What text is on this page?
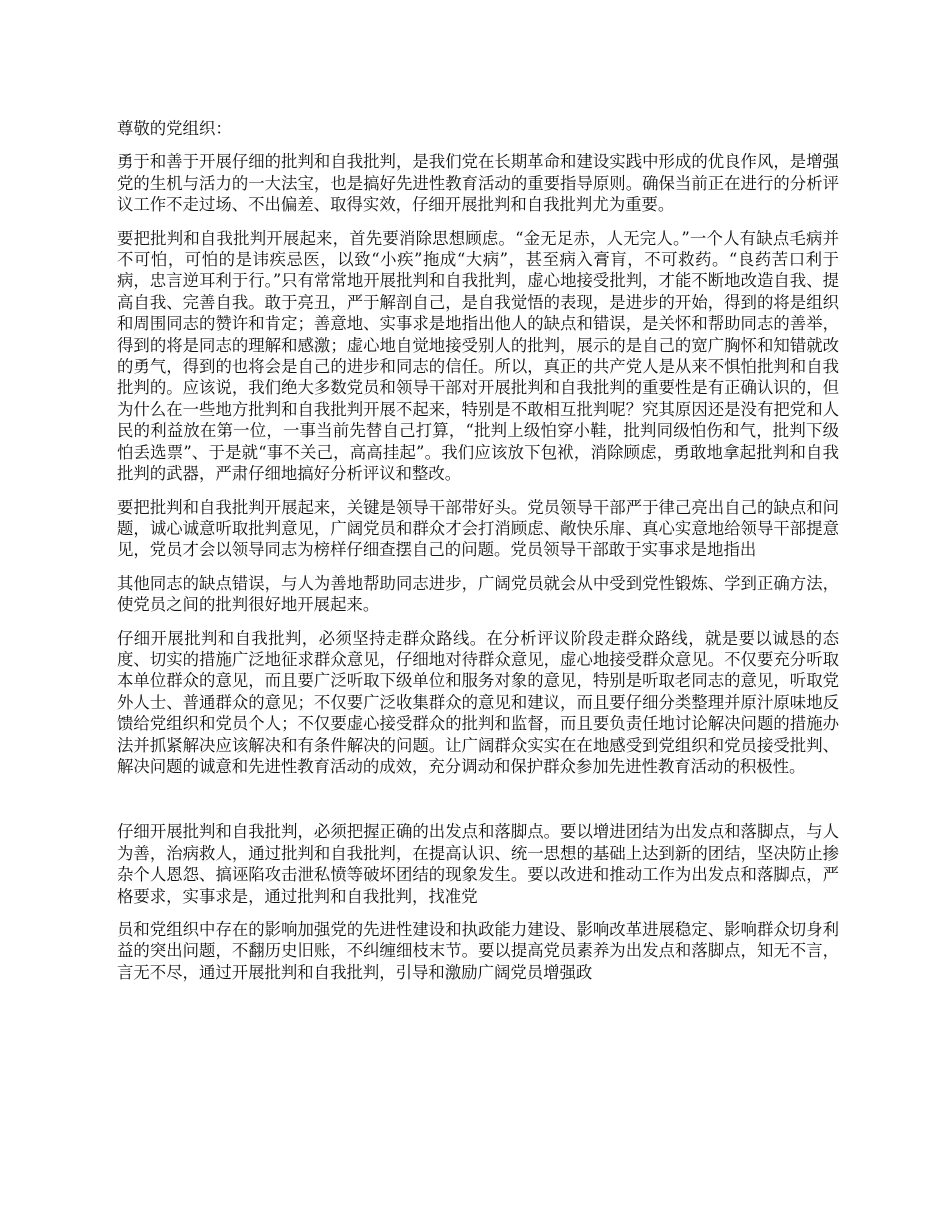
尊敬的党组织：

勇于和善于开展仔细的批判和自我批判，是我们党在长期革命和建设实践中形成的优良作风，是增强党的生机与活力的一大法宝，也是搞好先进性教育活动的重要指导原则。确保当前正在进行的分析评议工作不走过场、不出偏差、取得实效，仔细开展批判和自我批判尤为重要。

要把批判和自我批判开展起来，首先要消除思想顾虑。“金无足赤，人无完人。”一个人有缺点毛病并不可怕，可怕的是讳疾忌医，以致“小疾”拖成“大病”，甚至病入膏肓，不可救药。“良药苦口利于病，忠言逆耳利于行。”只有常常地开展批判和自我批判，虚心地接受批判，才能不断地改造自我、提高自我、完善自我。敢于亮丑，严于解剖自己，是自我觉悟的表现，是进步的开始，得到的将是组织和周围同志的赞许和肯定；善意地、实事求是地指出他人的缺点和错误，是关怀和帮助同志的善举，得到的将是同志的理解和感激；虚心地自觉地接受别人的批判，展示的是自己的宽广胸怀和知错就改的勇气，得到的也将会是自己的进步和同志的信任。所以，真正的共产党人是从来不惧怕批判和自我批判的。应该说，我们绝大多数党员和领导干部对开展批判和自我批判的重要性是有正确认识的，但为什么在一些地方批判和自我批判开展不起来，特别是不敢相互批判呢？究其原因还是没有把党和人民的利益放在第一位，一事当前先替自己打算，“批判上级怕穿小鞋，批判同级怕伤和气，批判下级怕丢选票”、于是就“事不关己，高高挂起”。我们应该放下包袱，消除顾虑，勇敢地拿起批判和自我批判的武器，严肃仔细地搞好分析评议和整改。

要把批判和自我批判开展起来，关键是领导干部带好头。党员领导干部严于律己亮出自己的缺点和问题，诚心诚意听取批判意见，广阔党员和群众才会打消顾虑、敞快乐扉、真心实意地给领导干部提意见，党员才会以领导同志为榜样仔细查摆自己的问题。党员领导干部敢于实事求是地指出

其他同志的缺点错误，与人为善地帮助同志进步，广阔党员就会从中受到党性锻炼、学到正确方法，使党员之间的批判很好地开展起来。

仔细开展批判和自我批判，必须坚持走群众路线。在分析评议阶段走群众路线，就是要以诚恳的态度、切实的措施广泛地征求群众意见，仔细地对待群众意见，虚心地接受群众意见。不仅要充分听取本单位群众的意见，而且要广泛听取下级单位和服务对象的意见，特别是听取老同志的意见，听取党外人士、普通群众的意见；不仅要广泛收集群众的意见和建议，而且要仔细分类整理并原汁原味地反馈给党组织和党员个人；不仅要虚心接受群众的批判和监督，而且要负责任地讨论解决问题的措施办法并抓紧解决应该解决和有条件解决的问题。让广阔群众实实在在地感受到党组织和党员接受批判、解决问题的诚意和先进性教育活动的成效，充分调动和保护群众参加先进性教育活动的积极性。

仔细开展批判和自我批判，必须把握正确的出发点和落脚点。要以增进团结为出发点和落脚点，与人为善，治病救人，通过批判和自我批判，在提高认识、统一思想的基础上达到新的团结，坚决防止掺杂个人恩怨、搞诬陷攻击泄私愤等破坏团结的现象发生。要以改进和推动工作为出发点和落脚点，严格要求，实事求是，通过批判和自我批判，找准党

员和党组织中存在的影响加强党的先进性建设和执政能力建设、影响改革进展稳定、影响群众切身利益的突出问题，不翻历史旧账，不纠缠细枝末节。要以提高党员素养为出发点和落脚点，知无不言，言无不尽，通过开展批判和自我批判，引导和激励广阔党员增强政
